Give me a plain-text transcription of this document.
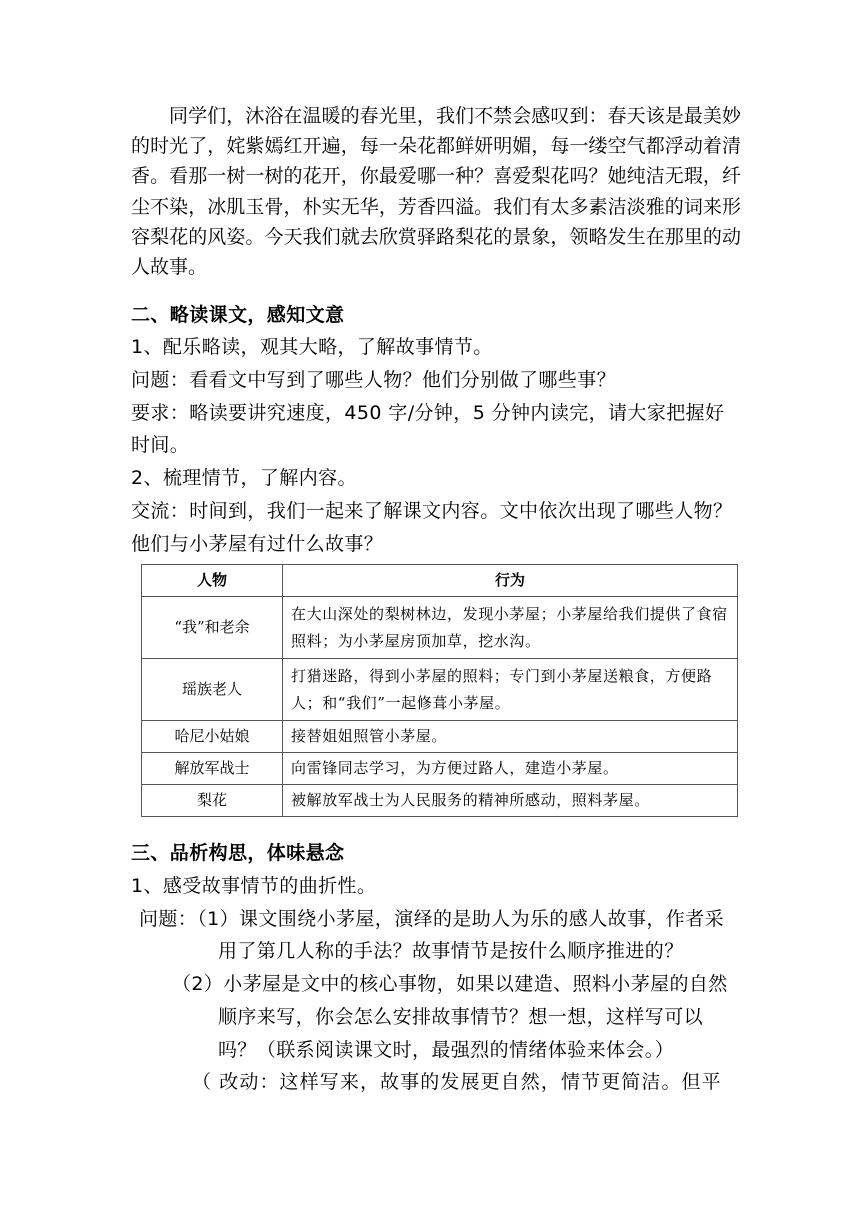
同学们，沐浴在温暖的春光里，我们不禁会感叹到：春天该是最美妙的时光了，姹紫嫣红开遍，每一朵花都鲜妍明媚，每一缕空气都浮动着清香。看那一树一树的花开，你最爱哪一种？喜爱梨花吗？她纯洁无瑕，纤尘不染，冰肌玉骨，朴实无华，芳香四溢。我们有太多素洁淡雅的词来形容梨花的风姿。今天我们就去欣赏驿路梨花的景象，领略发生在那里的动人故事。
二、略读课文，感知文意
1、配乐略读，观其大略，了解故事情节。
问题：看看文中写到了哪些人物？他们分别做了哪些事？
要求：略读要讲究速度，450 字/分钟，5 分钟内读完，请大家把握好
时间。
2、梳理情节，了解内容。
交流：时间到，我们一起来了解课文内容。文中依次出现了哪些人物？
他们与小茅屋有过什么故事？
人物	行为
“我”和老余	在大山深处的梨树林边，发现小茅屋；小茅屋给我们提供了食宿照料；为小茅屋房顶加草，挖水沟。
瑶族老人	打猎迷路，得到小茅屋的照料；专门到小茅屋送粮食，方便路人；和“我们”一起修葺小茅屋。
哈尼小姑娘	接替姐姐照管小茅屋。
解放军战士	向雷锋同志学习，为方便过路人，建造小茅屋。
梨花	被解放军战士为人民服务的精神所感动，照料茅屋。
三、品析构思，体味悬念
1、感受故事情节的曲折性。
问题：（1）课文围绕小茅屋，演绎的是助人为乐的感人故事，作者采
用了第几人称的手法？故事情节是按什么顺序推进的？
（2）小茅屋是文中的核心事物，如果以建造、照料小茅屋的自然
顺序来写，你会怎么安排故事情节？想一想，这样写可以
吗？（联系阅读课文时，最强烈的情绪体验来体会。）
（ 改动：这样写来，故事的发展更自然，情节更简洁。但平
